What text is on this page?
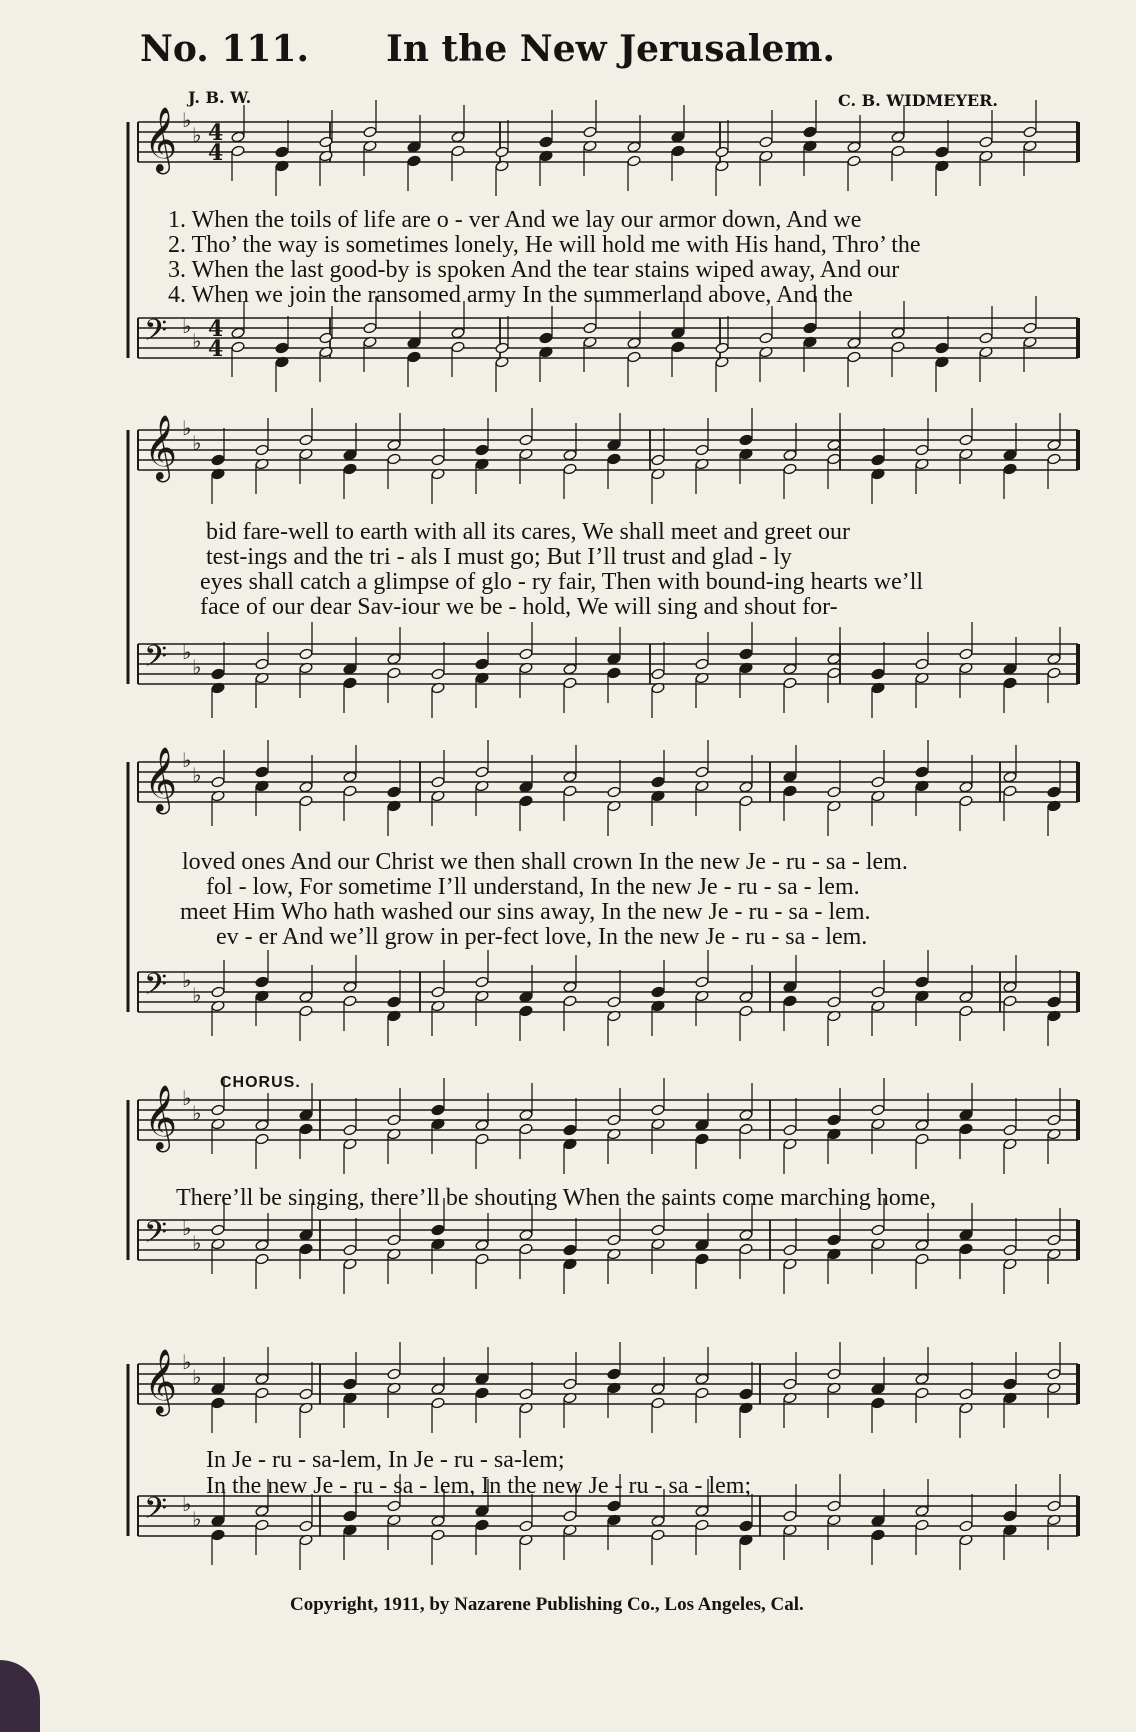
No. 111. In the New Jerusalem.
J. B. W.	C. B. WIDMEYER.
𝄞 ♭
♭ 4
4
𝄢 ♭
♭ 4
4
𝄞 ♭
♭
𝄢 ♭
♭
𝄞 ♭
♭
𝄢 ♭
♭
𝄞 ♭
♭
𝄢 ♭
♭
𝄞 ♭
♭
𝄢 ♭
♭
1. When the toils of life are o - ver And we lay our armor down, And we
2. Tho’ the way is sometimes lonely, He will hold me with His hand, Thro’ the
3. When the last good-by is spoken And the tear stains wiped away, And our
4. When we join the ransomed army In the summerland above, And the
bid fare-well to earth with all its cares, We shall meet and greet our
test-ings and the tri - als I must go; But I’ll trust and glad - ly
eyes shall catch a glimpse of glo - ry fair, Then with bound-ing hearts we’ll
face of our dear Sav-iour we be - hold, We will sing and shout for-
loved ones And our Christ we then shall crown In the new Je - ru - sa - lem.
fol - low, For sometime I’ll understand, In the new Je - ru - sa - lem.
meet Him Who hath washed our sins away, In the new Je - ru - sa - lem.
ev - er And we’ll grow in per-fect love, In the new Je - ru - sa - lem.
CHORUS.
There’ll be singing, there’ll be shouting When the saints come marching home,
In Je - ru - sa-lem, In Je - ru - sa-lem;
In the new Je - ru - sa - lem, In the new Je - ru - sa - lem;
Copyright, 1911, by Nazarene Publishing Co., Los Angeles, Cal.
